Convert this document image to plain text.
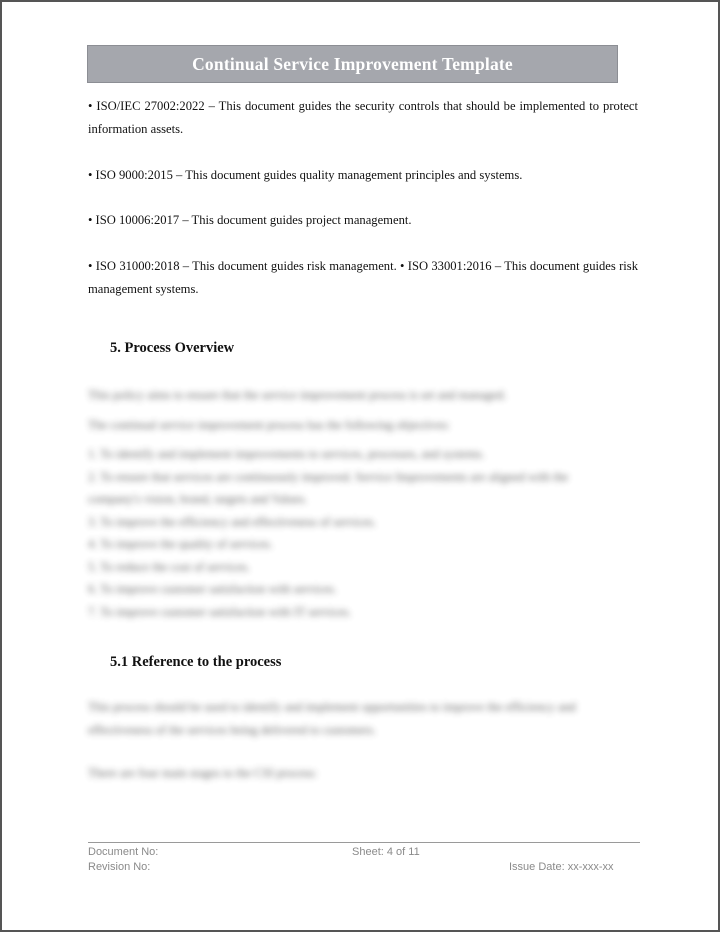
Continual Service Improvement Template

• ISO/IEC 27002:2022 – This document guides the security controls that should be implemented to protect information assets.

• ISO 9000:2015 – This document guides quality management principles and systems.

• ISO 10006:2017 – This document guides project management.

• ISO 31000:2018 – This document guides risk management. • ISO 33001:2016 – This document guides risk management systems.

5. Process Overview
This policy aims to ensure that the service improvement process is set and managed.
The continual service improvement process has the following objectives:
1. To identify and implement improvements to services, processes, and systems.
2. To ensure that services are continuously improved. Service Improvements are aligned with the
company's vision, brand, targets and Values.
3. To improve the efficiency and effectiveness of services.
4. To improve the quality of services.
5. To reduce the cost of services.
6. To improve customer satisfaction with services.
7. To improve customer satisfaction with IT services.
5.1 Reference to the process
This process should be used to identify and implement opportunities to improve the efficiency and
effectiveness of the services being delivered to customers.
There are four main stages to the CSI process:
Document No:
Revision No:
Sheet: 4 of 11
Issue Date: xx-xxx-xx
